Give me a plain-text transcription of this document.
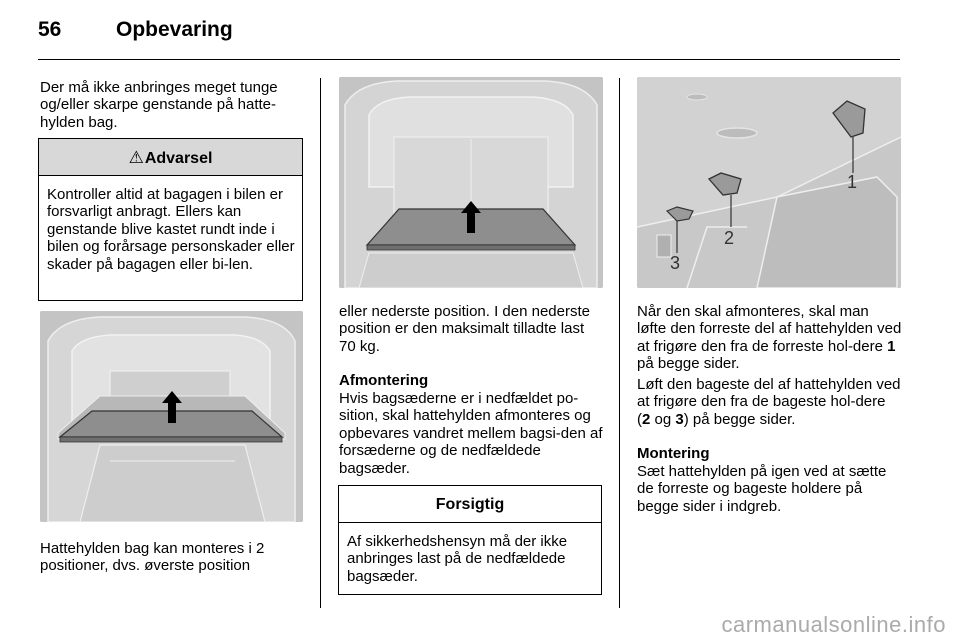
56	Opbevaring

Der må ikke anbringes meget tunge og/eller skarpe genstande på hatte-hylden bag.

⚠Advarsel
Kontroller altid at bagagen i bilen er forsvarligt anbragt. Ellers kan genstande blive kastet rundt inde i bilen og forårsage personskader eller skader på bagagen eller bi-len.

Hattehylden bag kan monteres i 2 positioner, dvs. øverste position

eller nederste position. I den nederste position er den maksimalt tilladte last 70 kg.

Afmontering

Hvis bagsæderne er i nedfældet po-sition, skal hattehylden afmonteres og opbevares vandret mellem bagsi-den af forsæderne og de nedfældede bagsæder.

Forsigtig
Af sikkerhedshensyn må der ikke anbringes last på de nedfældede bagsæder.
1
2
3

Når den skal afmonteres, skal man løfte den forreste del af hattehylden ved at frigøre den fra de forreste hol-dere 1 på begge sider.

Løft den bageste del af hattehylden ved at frigøre den fra de bageste hol-dere (2 og 3) på begge sider.

Montering

Sæt hattehylden på igen ved at sætte de forreste og bageste holdere på begge sider i indgreb.

carmanualsonline.info
